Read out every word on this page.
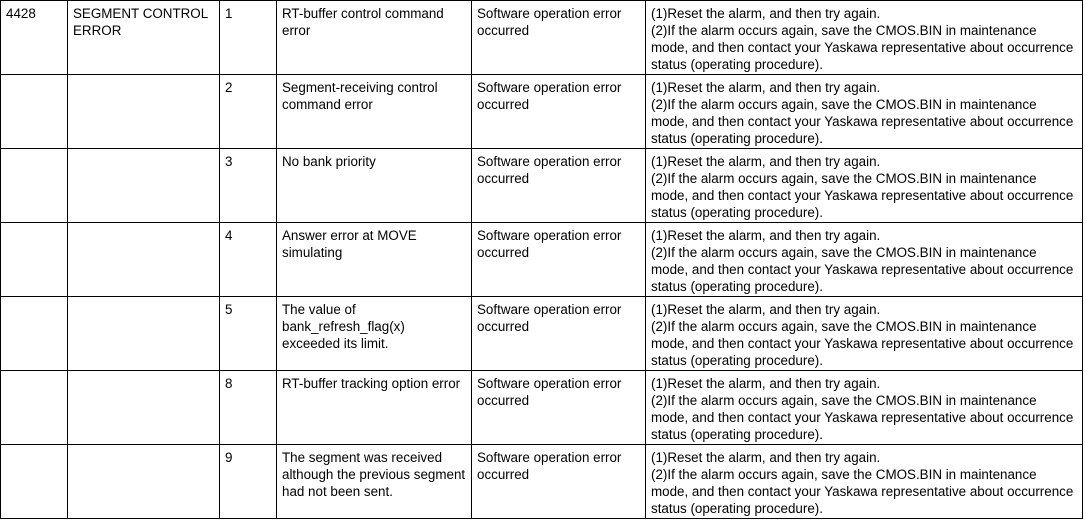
4428	SEGMENT CONTROL ERROR	1	RT-buffer control command error	Software operation error occurred	(1)Reset the alarm, and then try again.
(2)If the alarm occurs again, save the CMOS.BIN in maintenance mode, and then contact your Yaskawa representative about occurrence status (operating procedure).

		2	Segment-receiving control command error	Software operation error occurred	(1)Reset the alarm, and then try again.
(2)If the alarm occurs again, save the CMOS.BIN in maintenance mode, and then contact your Yaskawa representative about occurrence status (operating procedure).

		3	No bank priority	Software operation error occurred	(1)Reset the alarm, and then try again.
(2)If the alarm occurs again, save the CMOS.BIN in maintenance mode, and then contact your Yaskawa representative about occurrence status (operating procedure).

		4	Answer error at MOVE simulating	Software operation error occurred	(1)Reset the alarm, and then try again.
(2)If the alarm occurs again, save the CMOS.BIN in maintenance mode, and then contact your Yaskawa representative about occurrence status (operating procedure).

		5	The value of bank_refresh_flag(x) exceeded its limit.	Software operation error occurred	(1)Reset the alarm, and then try again.
(2)If the alarm occurs again, save the CMOS.BIN in maintenance mode, and then contact your Yaskawa representative about occurrence status (operating procedure).

		8	RT-buffer tracking option error	Software operation error occurred	(1)Reset the alarm, and then try again.
(2)If the alarm occurs again, save the CMOS.BIN in maintenance mode, and then contact your Yaskawa representative about occurrence status (operating procedure).

		9	The segment was received although the previous segment had not been sent.	Software operation error occurred	(1)Reset the alarm, and then try again.
(2)If the alarm occurs again, save the CMOS.BIN in maintenance mode, and then contact your Yaskawa representative about occurrence status (operating procedure).
